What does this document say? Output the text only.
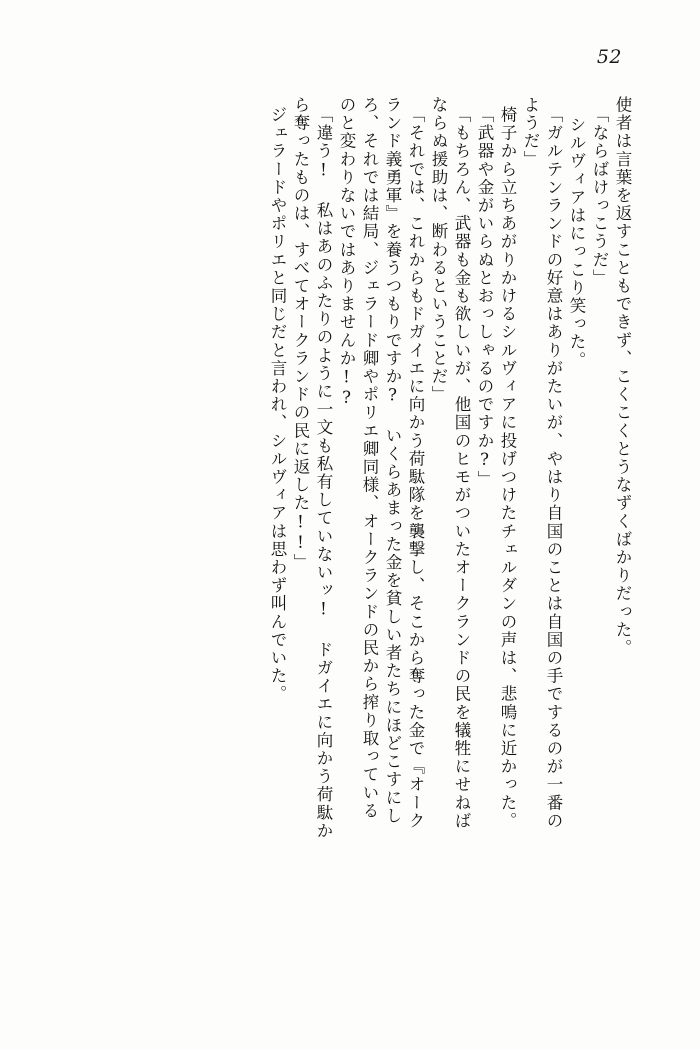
52
使者は言葉を返すこともできず、こくこくとうなずくばかりだった。
「ならばけっこうだ」
シルヴィアはにっこり笑った。
「ガルテンランドの好意はありがたいが、やはり自国のことは自国の手でするのが一番の
ようだ」
椅子から立ちあがりかけるシルヴィアに投げつけたチェルダンの声は、悲鳴に近かった。
「武器や金がいらぬとおっしゃるのですか?」
「もちろん、武器も金も欲しいが、他国のヒモがついたオークランドの民を犠牲にせねば
ならぬ援助は、断わるということだ」
「それでは、これからもドガイエに向かう荷駄隊を襲撃し、そこから奪った金で『オーク
ランド義勇軍』を養うつもりですか? いくらあまった金を貧しい者たちにほどこすにし
ろ、それでは結局、ジェラード卿やポリエ卿同様、オークランドの民から搾り取っている
のと変わりないではありませんか!?
「違う! 私はあのふたりのように一文も私有していないッ! ドガイエに向かう荷駄か
ら奪ったものは、すべてオークランドの民に返した!!」
ジェラードやポリエと同じだと言われ、シルヴィアは思わず叫んでいた。
